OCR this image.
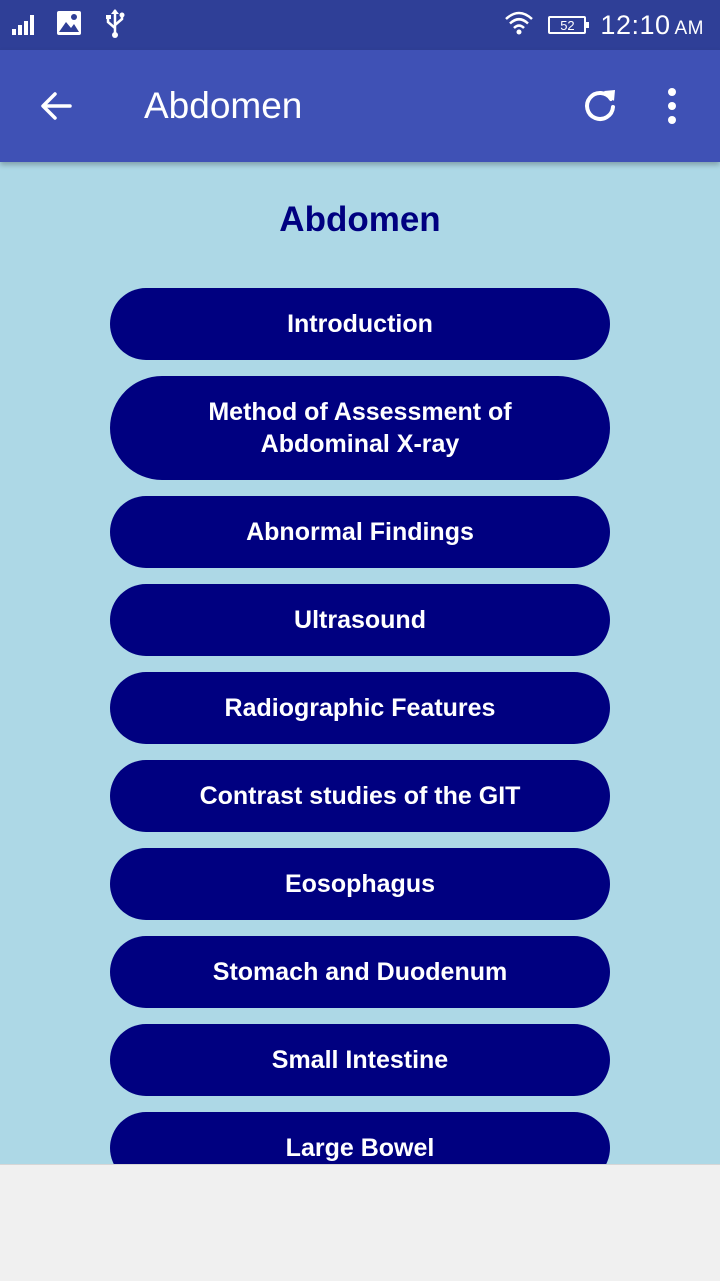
52 12:10 AM
Abdomen
Abdomen
Introduction
Method of Assessment of Abdominal X-ray
Abnormal Findings
Ultrasound
Radiographic Features
Contrast studies of the GIT
Eosophagus
Stomach and Duodenum
Small Intestine
Large Bowel
